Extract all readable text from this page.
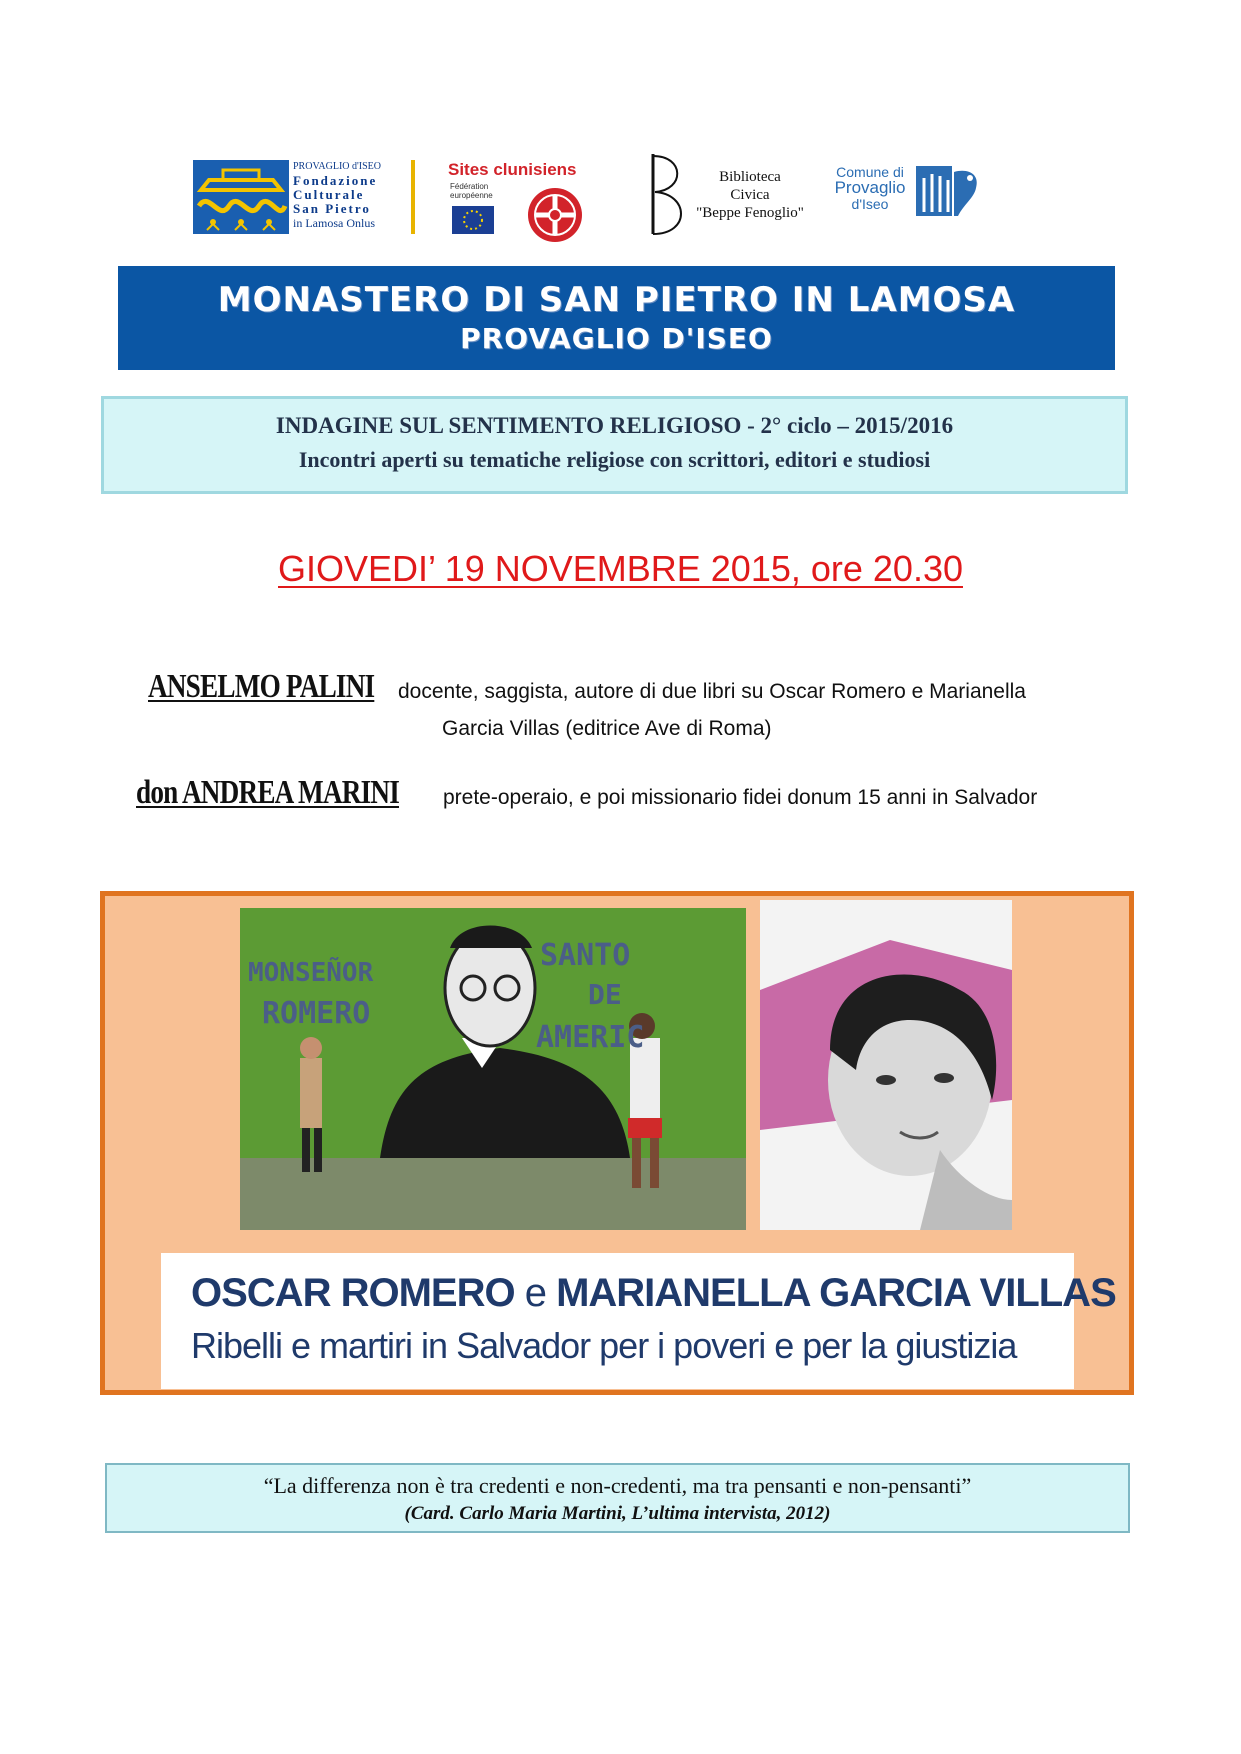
PROVAGLIO d'ISEO
Fondazione
Culturale
San Pietro
in Lamosa Onlus
Sites clunisiens
Fédération européenne
Biblioteca
Civica
"Beppe Fenoglio"
Comune di
Provaglio
d'Iseo
MONASTERO DI SAN PIETRO IN LAMOSA
PROVAGLIO D'ISEO
INDAGINE SUL SENTIMENTO RELIGIOSO - 2° ciclo – 2015/2016
Incontri aperti su tematiche religiose con scrittori, editori e studiosi
GIOVEDI’ 19 NOVEMBRE 2015, ore 20.30
ANSELMO PALINI	docente, saggista, autore di due libri su Oscar Romero e Marianella
Garcia Villas (editrice Ave di Roma)
don ANDREA MARINI	prete-operaio, e poi missionario fidei donum 15 anni in Salvador
MONSEÑOR
ROMERO
SANTO
DE
AMERIC
OSCAR ROMERO e MARIANELLA GARCIA VILLAS
Ribelli e martiri in Salvador per i poveri e per la giustizia
“La differenza non è tra credenti e non-credenti, ma tra pensanti e non-pensanti”
(Card. Carlo Maria Martini, L’ultima intervista, 2012)
